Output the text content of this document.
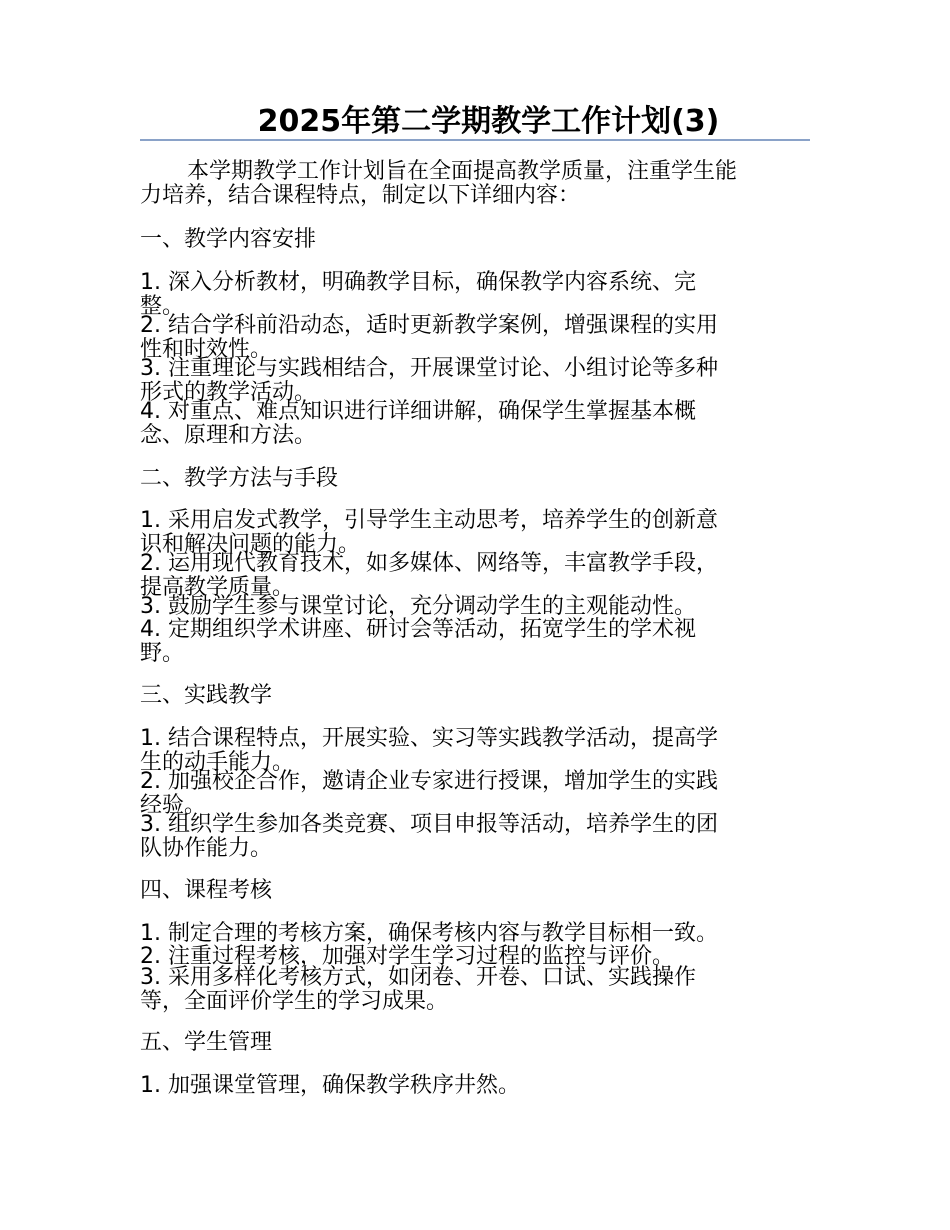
2025年第二学期教学工作计划(3)
本学期教学工作计划旨在全面提高教学质量，注重学生能
力培养，结合课程特点，制定以下详细内容：
一、教学内容安排
1. 深入分析教材，明确教学目标，确保教学内容系统、完
整。
2. 结合学科前沿动态，适时更新教学案例，增强课程的实用
性和时效性。
3. 注重理论与实践相结合，开展课堂讨论、小组讨论等多种
形式的教学活动。
4. 对重点、难点知识进行详细讲解，确保学生掌握基本概
念、原理和方法。
二、教学方法与手段
1. 采用启发式教学，引导学生主动思考，培养学生的创新意
识和解决问题的能力。
2. 运用现代教育技术，如多媒体、网络等，丰富教学手段，
提高教学质量。
3. 鼓励学生参与课堂讨论，充分调动学生的主观能动性。
4. 定期组织学术讲座、研讨会等活动，拓宽学生的学术视
野。
三、实践教学
1. 结合课程特点，开展实验、实习等实践教学活动，提高学
生的动手能力。
2. 加强校企合作，邀请企业专家进行授课，增加学生的实践
经验。
3. 组织学生参加各类竞赛、项目申报等活动，培养学生的团
队协作能力。
四、课程考核
1. 制定合理的考核方案，确保考核内容与教学目标相一致。
2. 注重过程考核，加强对学生学习过程的监控与评价。
3. 采用多样化考核方式，如闭卷、开卷、口试、实践操作
等，全面评价学生的学习成果。
五、学生管理
1. 加强课堂管理，确保教学秩序井然。
